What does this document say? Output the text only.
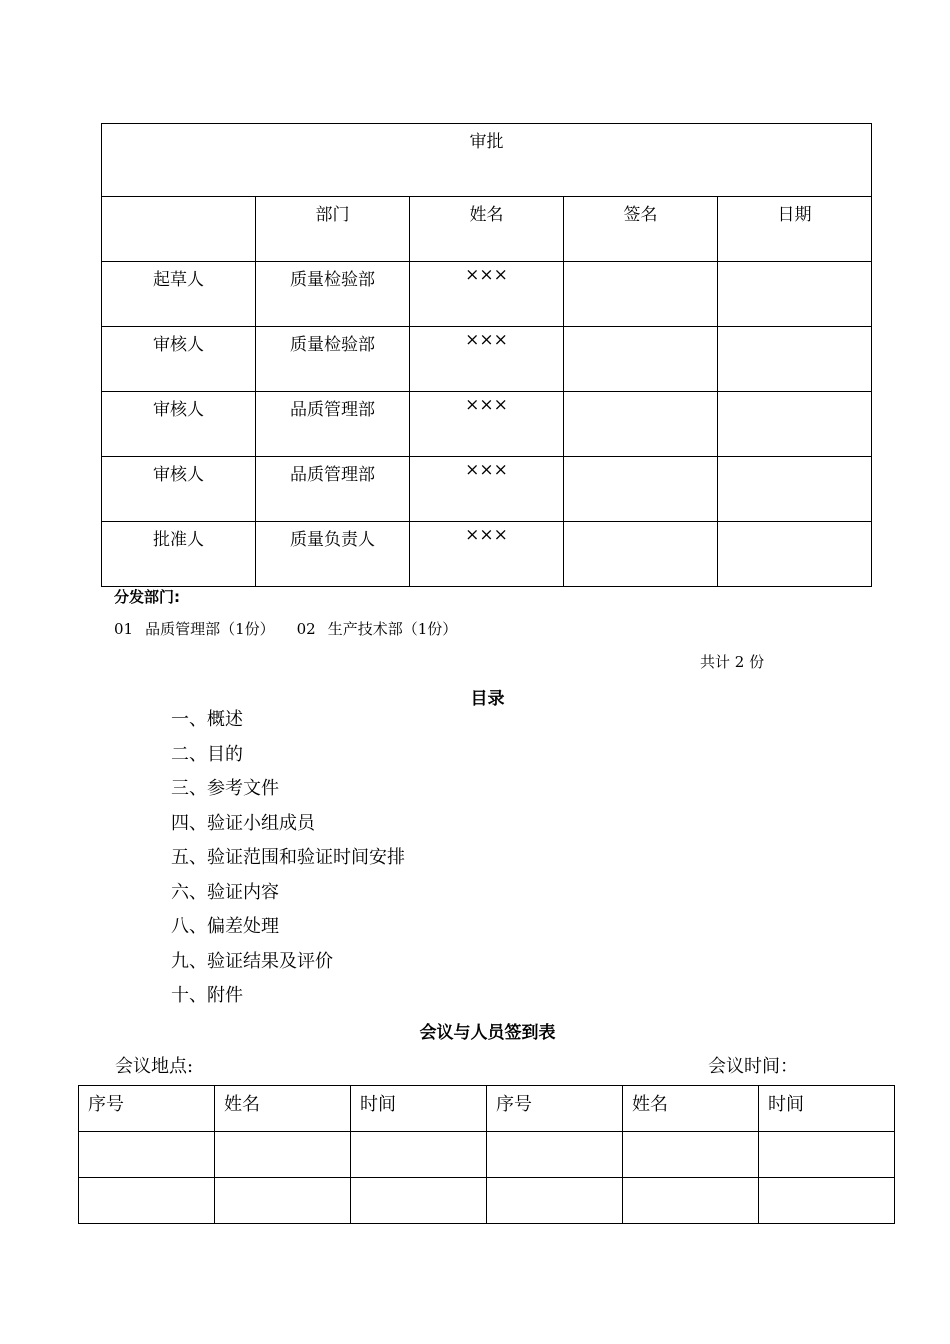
审批				
	部门	姓名	签名	日期
起草人	质量检验部	×××		
审核人	质量检验部	×××		
审核人	品质管理部	×××		
审核人	品质管理部	×××		
批准人	质量负责人	×××		
分发部门:
01 品质管理部（1份） 02 生产技术部（1份）
共计 2 份
目录
一、概述
二、目的
三、参考文件
四、验证小组成员
五、验证范围和验证时间安排
六、验证内容
八、偏差处理
九、验证结果及评价
十、附件
会议与人员签到表
会议地点:	会议时间：
序号	姓名	时间	序号	姓名	时间
